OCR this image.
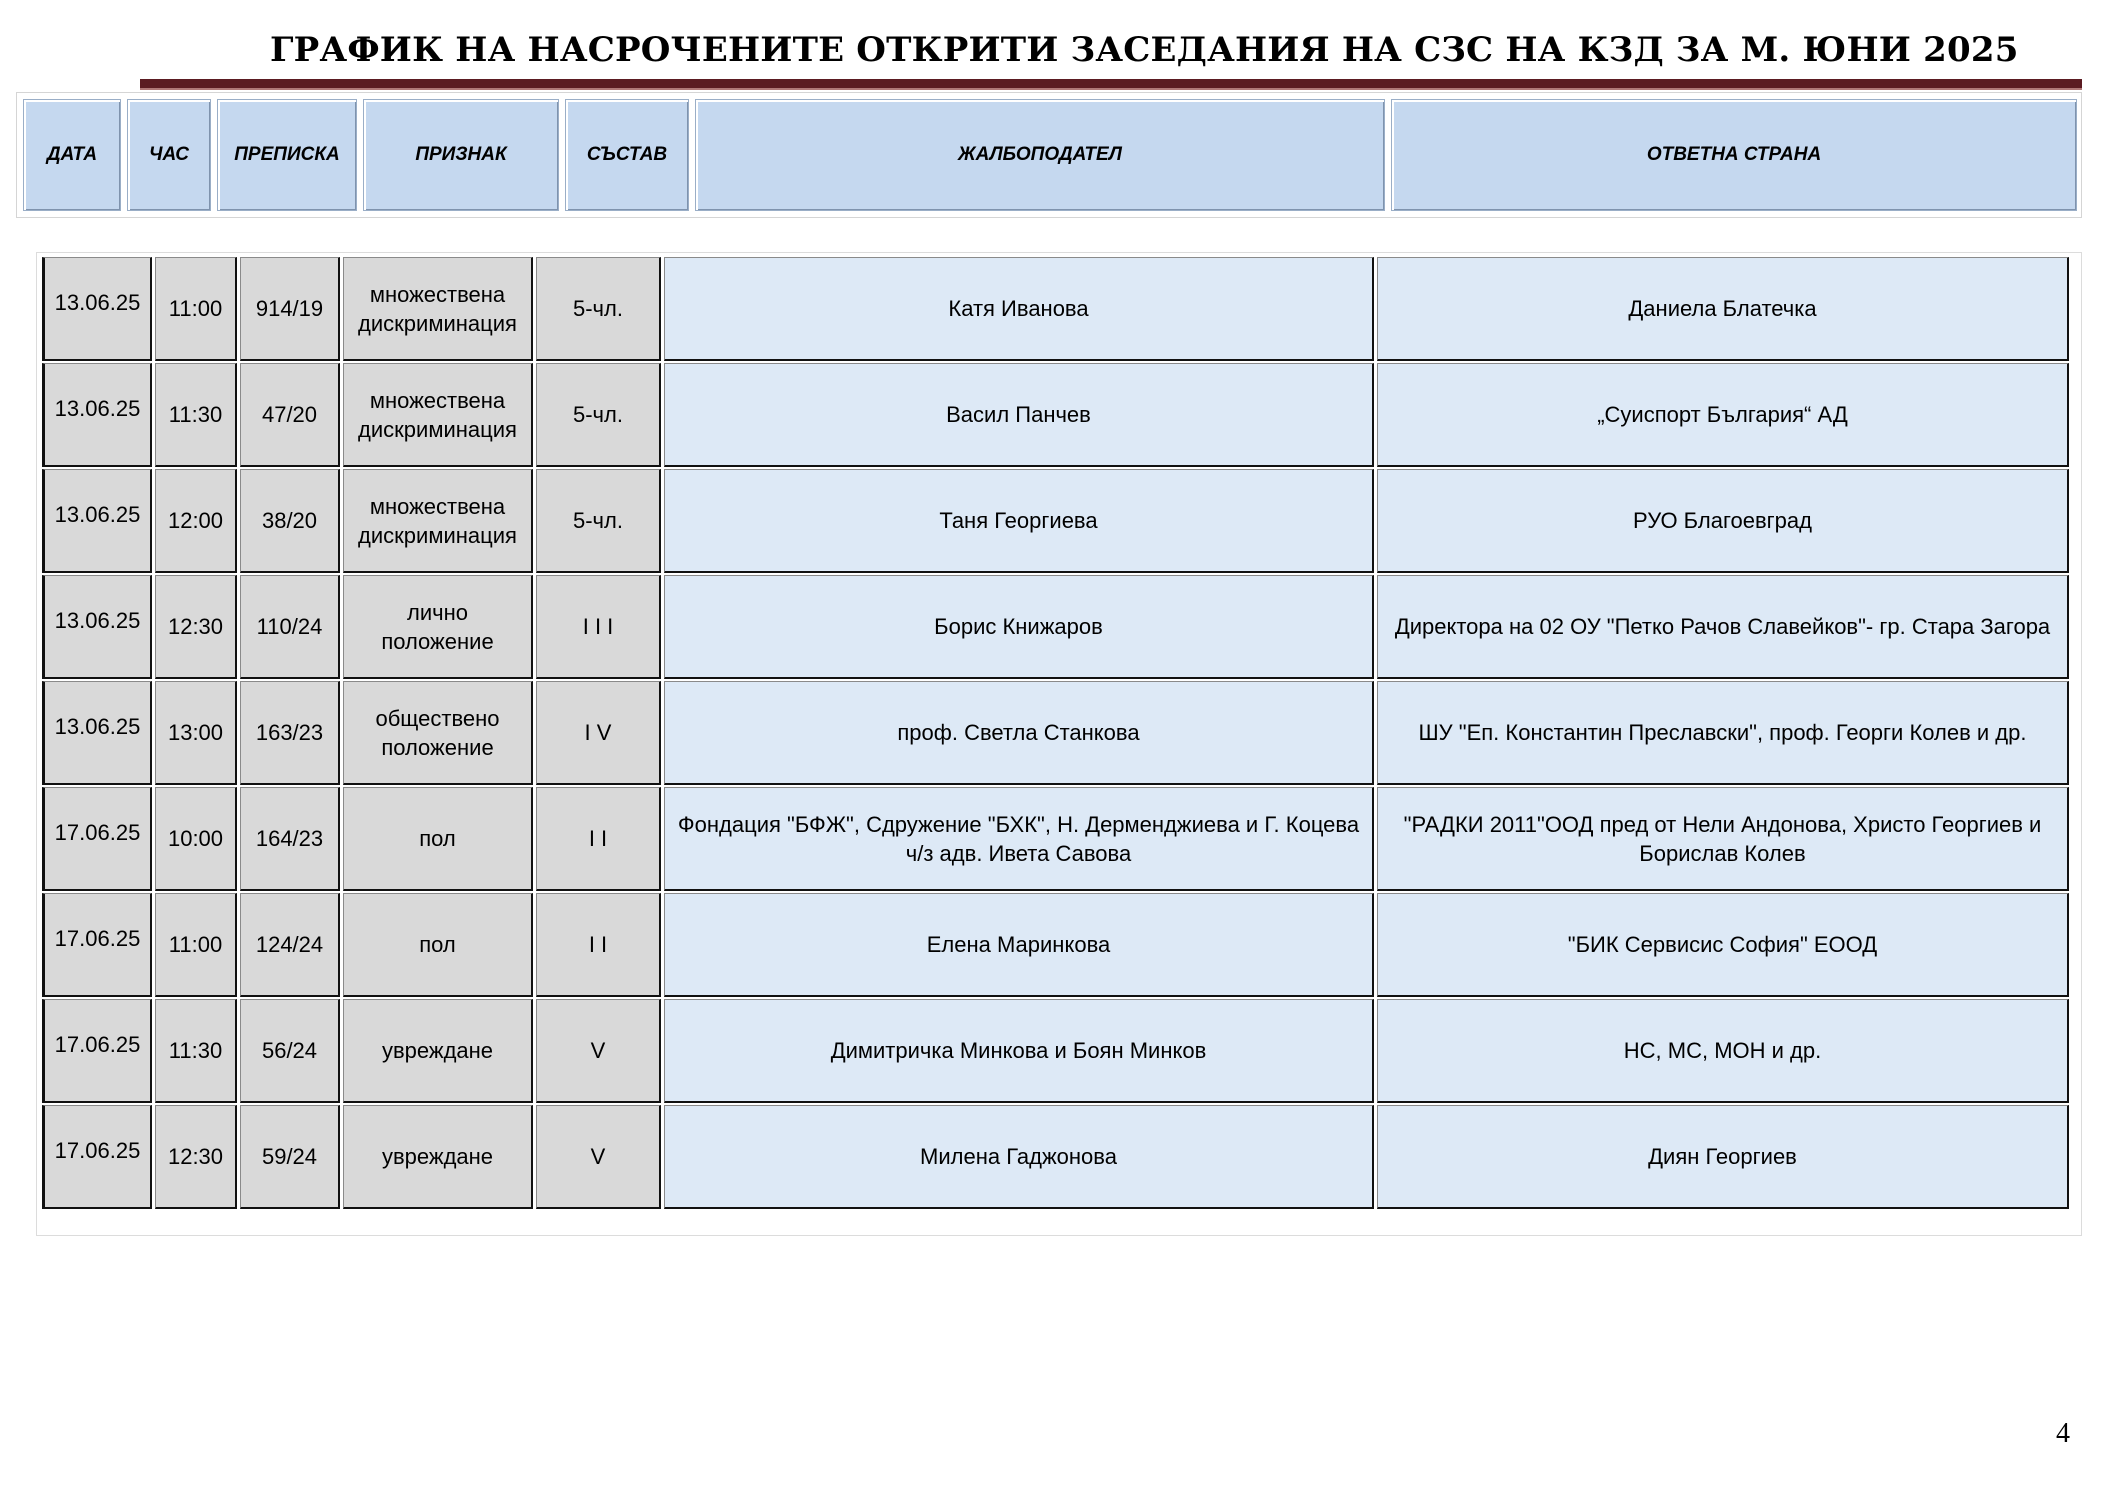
ГРАФИК НА НАСРОЧЕНИТЕ ОТКРИТИ ЗАСЕДАНИЯ НА СЗС НА КЗД ЗА М. ЮНИ 2025
ДАТА	ЧАС	ПРЕПИСКА	ПРИЗНАК	СЪСТАВ	ЖАЛБОПОДАТЕЛ	ОТВЕТНА СТРАНА
13.06.25	11:00	914/19	множествена дискриминация	5-чл.	Катя Иванова	Даниела Блатечка
13.06.25	11:30	47/20	множествена дискриминация	5-чл.	Васил Панчев	„Суиспорт България“ АД
13.06.25	12:00	38/20	множествена дискриминация	5-чл.	Таня Георгиева	РУО Благоевград
13.06.25	12:30	110/24	лично положение	I I I	Борис Книжаров	Директора на 02 ОУ "Петко Рачов Славейков"- гр. Стара Загора
13.06.25	13:00	163/23	обществено положение	I V	проф. Светла Станкова	ШУ "Еп. Константин Преславски", проф. Георги Колев и др.
17.06.25	10:00	164/23	пол	I I	Фондация "БФЖ", Сдружение "БХК", Н. Дерменджиева и Г. Коцева ч/з адв. Ивета Савова	"РАДКИ 2011"ООД пред от Нели Андонова, Христо Георгиев и Борислав Колев
17.06.25	11:00	124/24	пол	I I	Елена Маринкова	"БИК Сервисис София" ЕООД
17.06.25	11:30	56/24	увреждане	V	Димитричка Минкова и Боян Минков	НС, МС, МОН и др.
17.06.25	12:30	59/24	увреждане	V	Милена Гаджонова	Диян Георгиев
4
